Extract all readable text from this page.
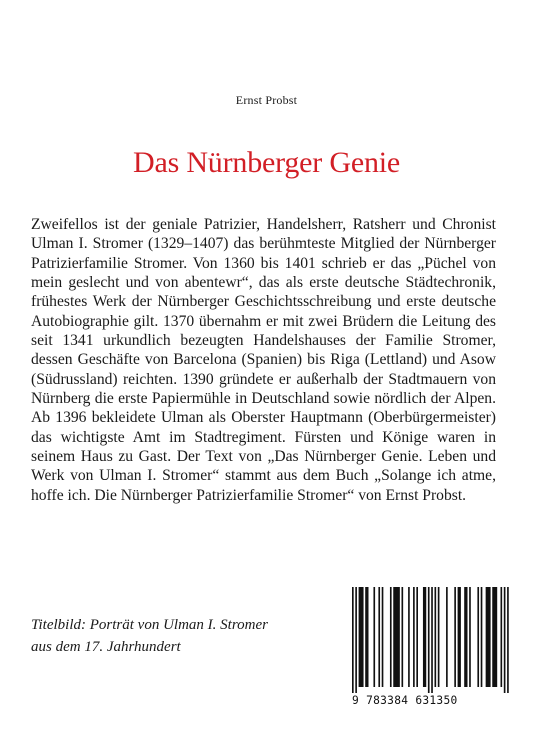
Ernst Probst
Das Nürnberger Genie

Zweifellos ist der geniale Patrizier, Handelsherr, Ratsherr und Chronist Ulman I. Stromer (1329–1407) das berühmteste Mitglied der Nürnberger Patrizierfamilie Stromer. Von 1360 bis 1401 schrieb er das „Püchel von mein geslecht und von abentewr“, das als erste deutsche Städtechronik, frühestes Werk der Nürnberger Geschichtsschreibung und erste deutsche Autobiographie gilt. 1370 übernahm er mit zwei Brüdern die Leitung des seit 1341 urkundlich bezeugten Handelshauses der Familie Stromer, dessen Geschäfte von Barcelona (Spanien) bis Riga (Lettland) und Asow (Südrussland) reichten. 1390 gründete er außerhalb der Stadtmauern von Nürnberg die erste Papiermühle in Deutschland sowie nördlich der Alpen. Ab 1396 bekleidete Ulman als Oberster Hauptmann (Oberbürgermeister) das wichtigste Amt im Stadtregiment. Fürsten und Könige waren in seinem Haus zu Gast. Der Text von „Das Nürnberger Genie. Leben und Werk von Ulman I. Stromer“ stammt aus dem Buch „Solange ich atme, hoffe ich. Die Nürnberger Patrizierfamilie Stromer“ von Ernst Probst.

Titelbild: Porträt von Ulman I. Stromer
aus dem 17. Jahrhundert

9 783384 631350
